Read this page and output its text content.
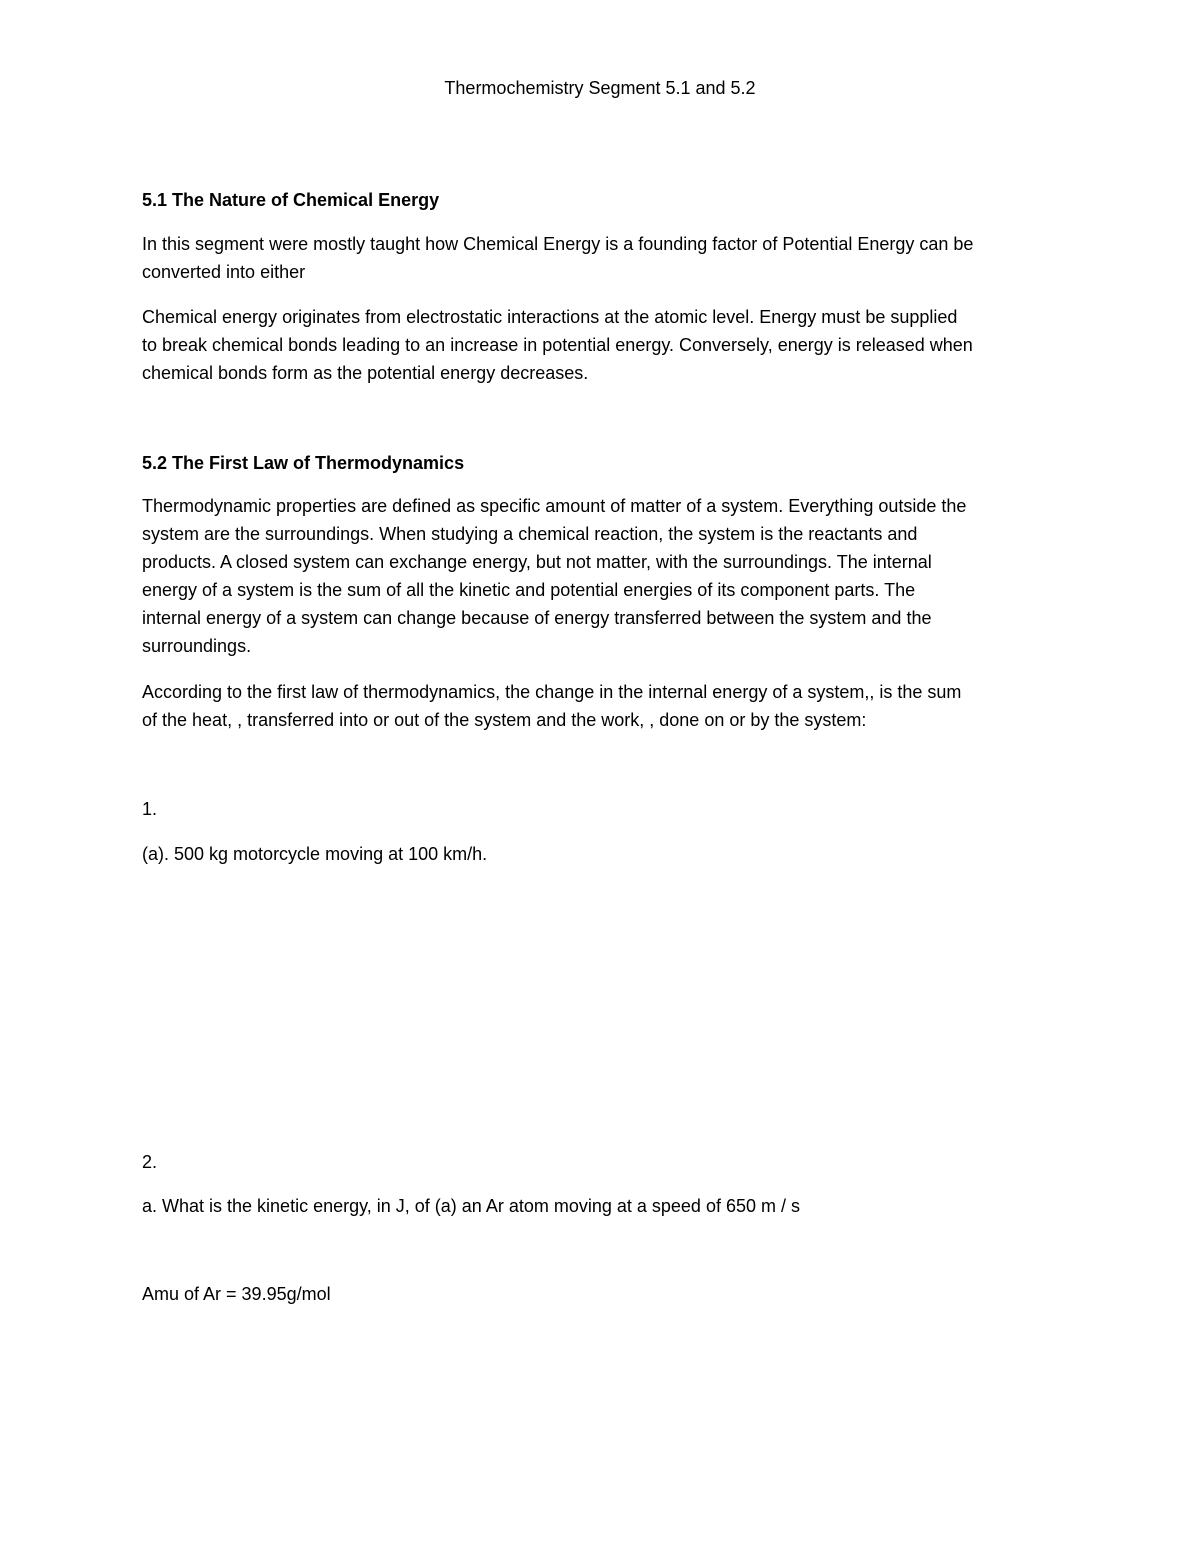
Thermochemistry Segment 5.1 and 5.2
5.1 The Nature of Chemical Energy
In this segment were mostly taught how Chemical Energy is a founding factor of Potential Energy can be
converted into either
Chemical energy originates from electrostatic interactions at the atomic level. Energy must be supplied
to break chemical bonds leading to an increase in potential energy. Conversely, energy is released when
chemical bonds form as the potential energy decreases.
5.2 The First Law of Thermodynamics
Thermodynamic properties are defined as specific amount of matter of a system. Everything outside the
system are the surroundings. When studying a chemical reaction, the system is the reactants and
products. A closed system can exchange energy, but not matter, with the surroundings. The internal
energy of a system is the sum of all the kinetic and potential energies of its component parts. The
internal energy of a system can change because of energy transferred between the system and the
surroundings.
According to the first law of thermodynamics, the change in the internal energy of a system,, is the sum
of the heat, , transferred into or out of the system and the work, , done on or by the system:
1.
(a). 500 kg motorcycle moving at 100 km/h.
2.
a. What is the kinetic energy, in J, of (a) an Ar atom moving at a speed of 650 m / s
Amu of Ar = 39.95g/mol
